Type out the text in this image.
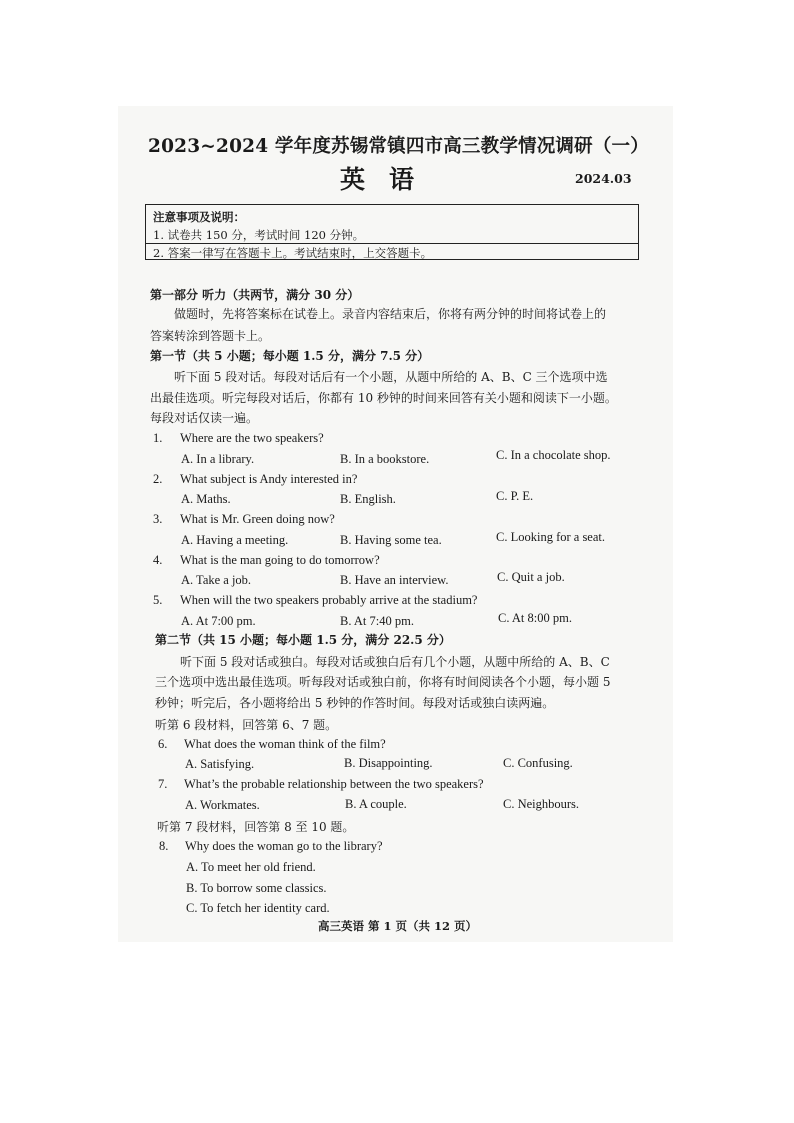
2023~2024 学年度苏锡常镇四市高三教学情况调研（一）
英语	2024.03
注意事项及说明：
1. 试卷共 150 分，考试时间 120 分钟。
2. 答案一律写在答题卡上。考试结束时，上交答题卡。
第一部分 听力（共两节，满分 30 分）
做题时，先将答案标在试卷上。录音内容结束后，你将有两分钟的时间将试卷上的
答案转涂到答题卡上。
第一节（共 5 小题；每小题 1.5 分，满分 7.5 分）
听下面 5 段对话。每段对话后有一个小题，从题中所给的 A、B、C 三个选项中选
出最佳选项。听完每段对话后，你都有 10 秒钟的时间来回答有关小题和阅读下一小题。
每段对话仅读一遍。
1. Where are the two speakers?
A. In a library.	B. In a bookstore.	C. In a chocolate shop.
2. What subject is Andy interested in?
A. Maths.	B. English.	C. P. E.
3. What is Mr. Green doing now?
A. Having a meeting.	B. Having some tea.	C. Looking for a seat.
4. What is the man going to do tomorrow?
A. Take a job.	B. Have an interview.	C. Quit a job.
5. When will the two speakers probably arrive at the stadium?
A. At 7:00 pm.	B. At 7:40 pm.	C. At 8:00 pm.
第二节（共 15 小题；每小题 1.5 分，满分 22.5 分）
听下面 5 段对话或独白。每段对话或独白后有几个小题，从题中所给的 A、B、C
三个选项中选出最佳选项。听每段对话或独白前，你将有时间阅读各个小题，每小题 5
秒钟；听完后，各小题将给出 5 秒钟的作答时间。每段对话或独白读两遍。
听第 6 段材料，回答第 6、7 题。
6. What does the woman think of the film?
A. Satisfying.	B. Disappointing.	C. Confusing.
7. What’s the probable relationship between the two speakers?
A. Workmates.	B. A couple.	C. Neighbours.
听第 7 段材料，回答第 8 至 10 题。
8. Why does the woman go to the library?
A. To meet her old friend.
B. To borrow some classics.
C. To fetch her identity card.
高三英语 第 1 页（共 12 页）
